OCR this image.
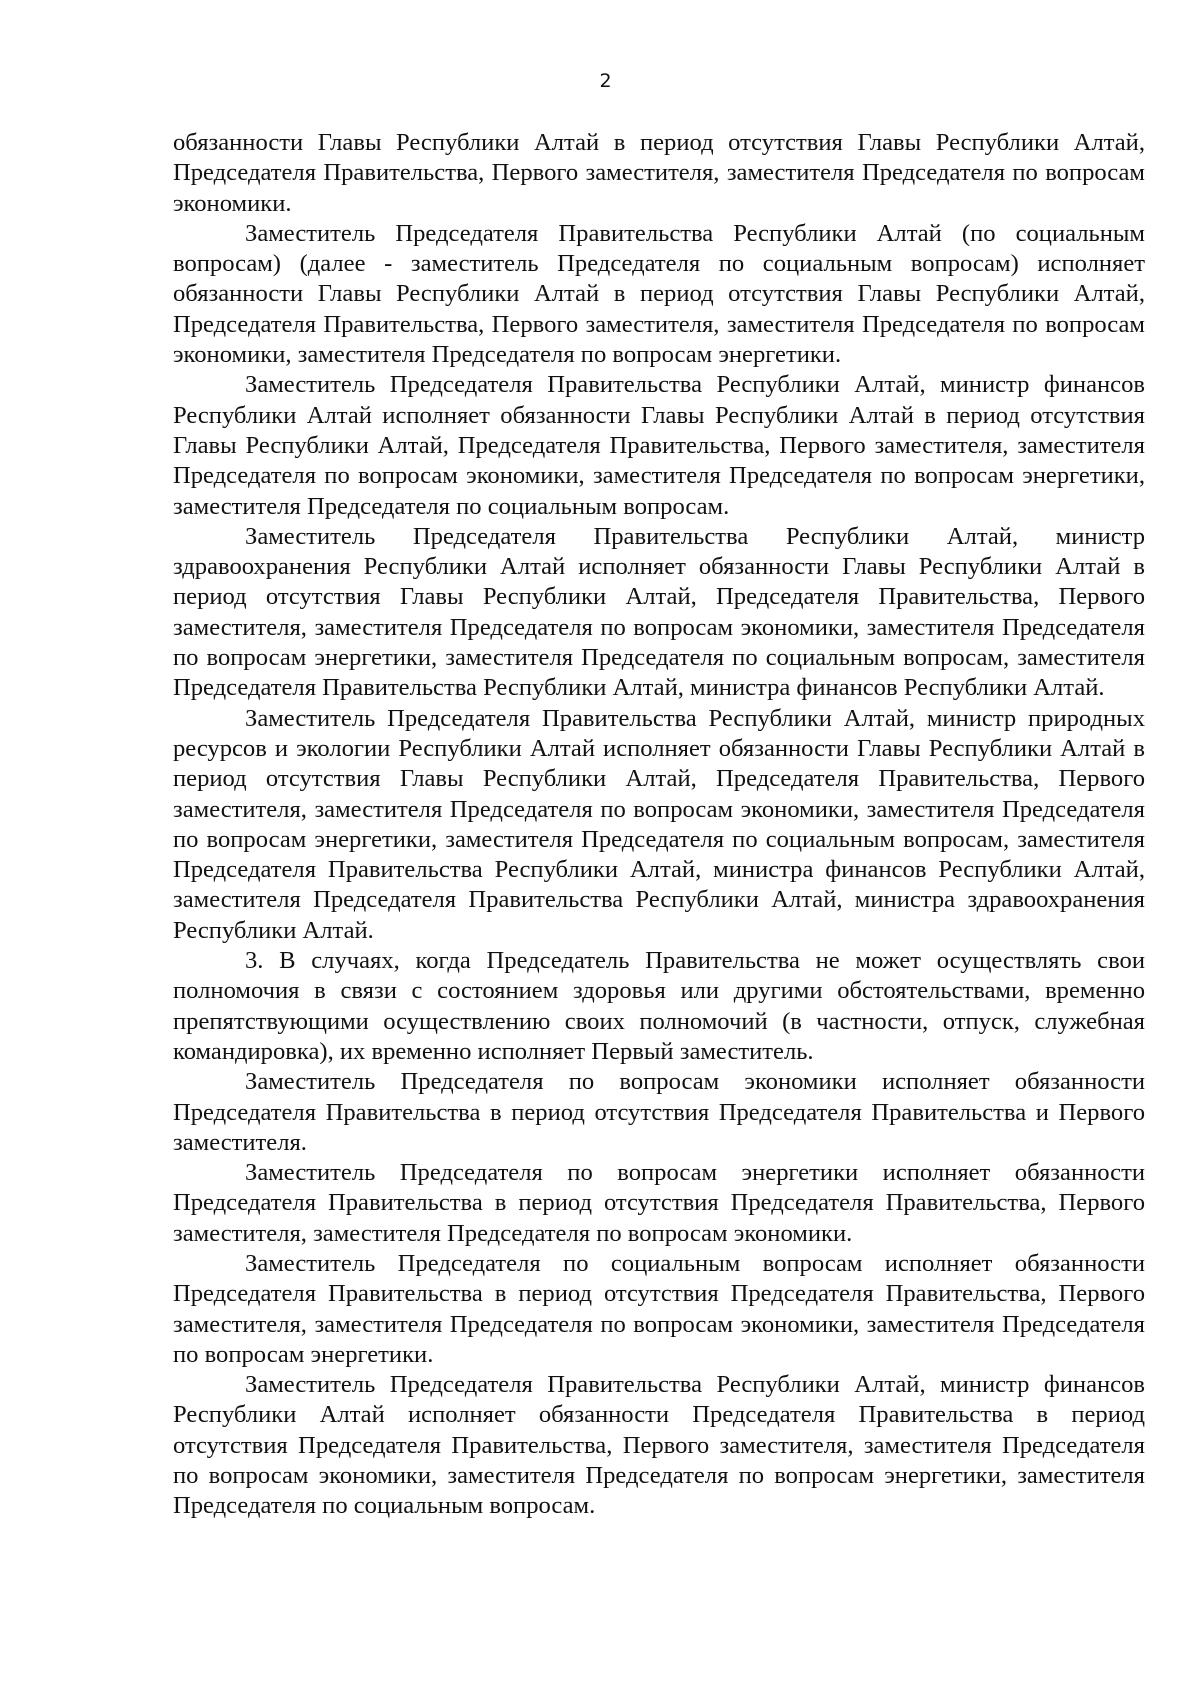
2

обязанности Главы Республики Алтай в период отсутствия Главы Республики Алтай, Председателя Правительства, Первого заместителя, заместителя Председателя по вопросам экономики.

Заместитель Председателя Правительства Республики Алтай (по социальным вопросам) (далее - заместитель Председателя по социальным вопросам) исполняет обязанности Главы Республики Алтай в период отсутствия Главы Республики Алтай, Председателя Правительства, Первого заместителя, заместителя Председателя по вопросам экономики, заместителя Председателя по вопросам энергетики.

Заместитель Председателя Правительства Республики Алтай, министр финансов Республики Алтай исполняет обязанности Главы Республики Алтай в период отсутствия Главы Республики Алтай, Председателя Правительства, Первого заместителя, заместителя Председателя по вопросам экономики, заместителя Председателя по вопросам энергетики, заместителя Председателя по социальным вопросам.

Заместитель Председателя Правительства Республики Алтай, министр здравоохранения Республики Алтай исполняет обязанности Главы Республики Алтай в период отсутствия Главы Республики Алтай, Председателя Правительства, Первого заместителя, заместителя Председателя по вопросам экономики, заместителя Председателя по вопросам энергетики, заместителя Председателя по социальным вопросам, заместителя Председателя Правительства Республики Алтай, министра финансов Республики Алтай.

Заместитель Председателя Правительства Республики Алтай, министр природных ресурсов и экологии Республики Алтай исполняет обязанности Главы Республики Алтай в период отсутствия Главы Республики Алтай, Председателя Правительства, Первого заместителя, заместителя Председателя по вопросам экономики, заместителя Председателя по вопросам энергетики, заместителя Председателя по социальным вопросам, заместителя Председателя Правительства Республики Алтай, министра финансов Республики Алтай, заместителя Председателя Правительства Республики Алтай, министра здравоохранения Республики Алтай.

3. В случаях, когда Председатель Правительства не может осуществлять свои полномочия в связи с состоянием здоровья или другими обстоятельствами, временно препятствующими осуществлению своих полномочий (в частности, отпуск, служебная командировка), их временно исполняет Первый заместитель.

Заместитель Председателя по вопросам экономики исполняет обязанности Председателя Правительства в период отсутствия Председателя Правительства и Первого заместителя.

Заместитель Председателя по вопросам энергетики исполняет обязанности Председателя Правительства в период отсутствия Председателя Правительства, Первого заместителя, заместителя Председателя по вопросам экономики.

Заместитель Председателя по социальным вопросам исполняет обязанности Председателя Правительства в период отсутствия Председателя Правительства, Первого заместителя, заместителя Председателя по вопросам экономики, заместителя Председателя по вопросам энергетики.

Заместитель Председателя Правительства Республики Алтай, министр финансов Республики Алтай исполняет обязанности Председателя Правительства в период отсутствия Председателя Правительства, Первого заместителя, заместителя Председателя по вопросам экономики, заместителя Председателя по вопросам энергетики, заместителя Председателя по социальным вопросам.
